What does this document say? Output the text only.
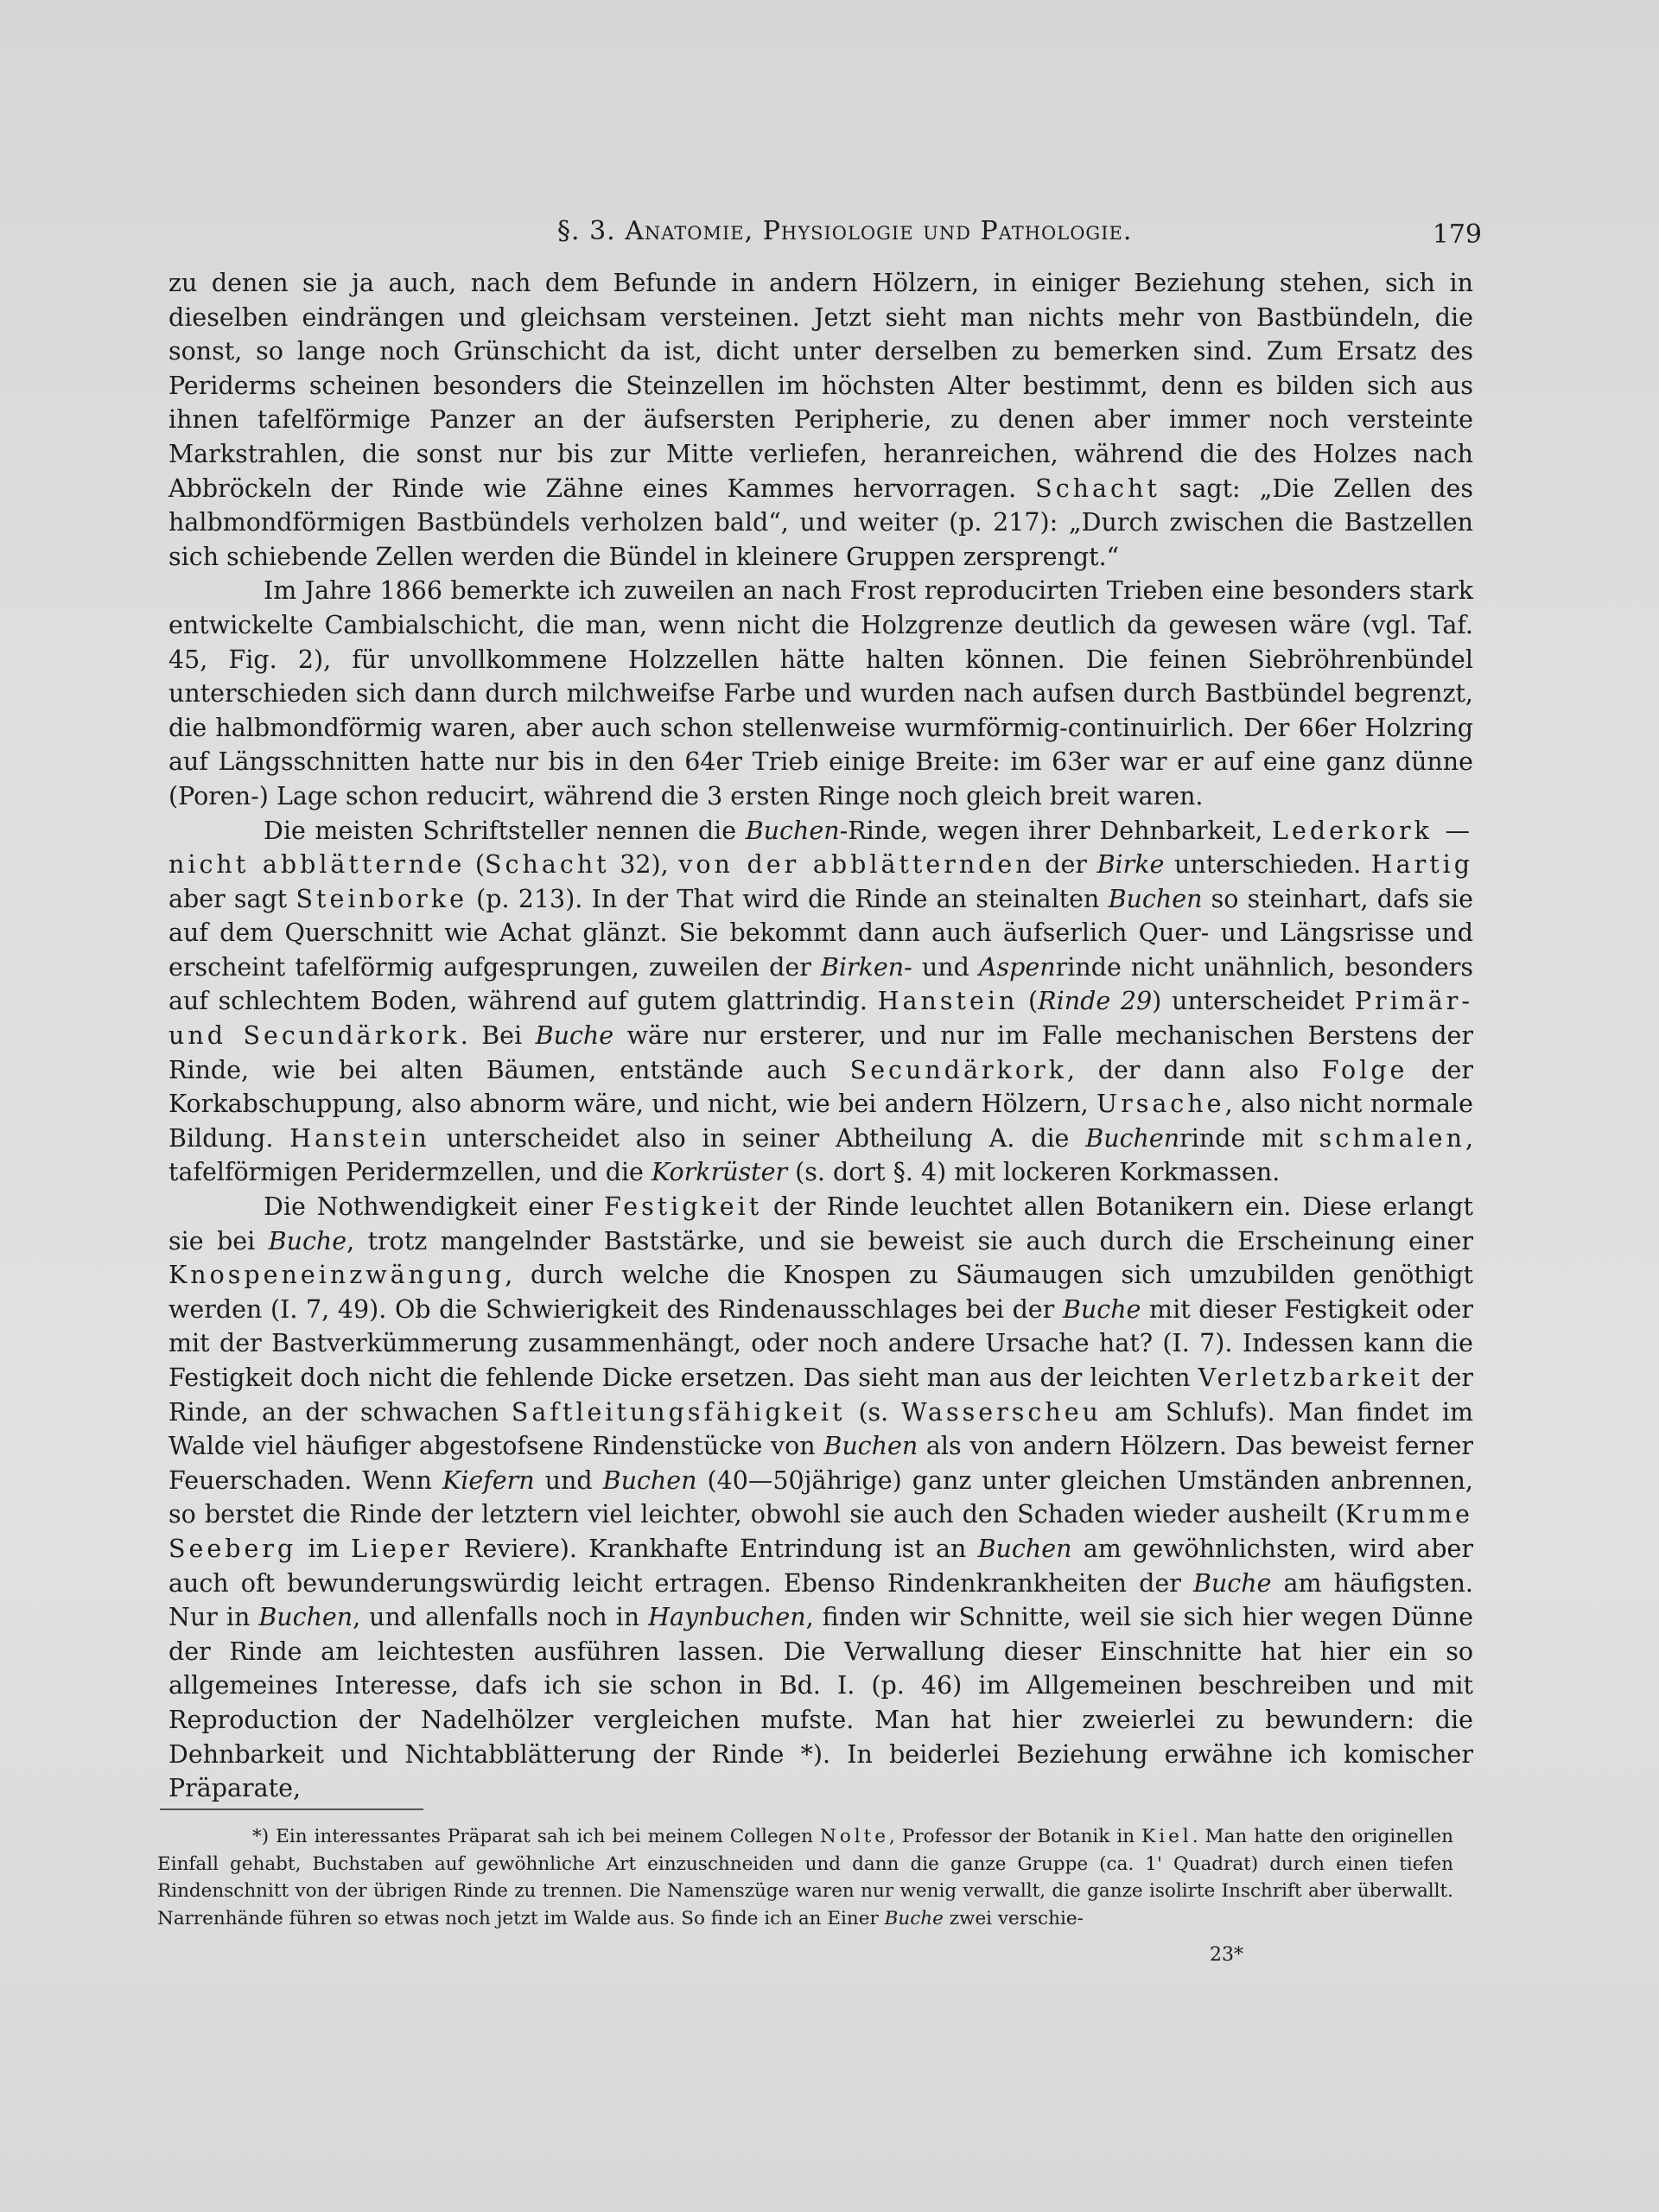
§. 3. Anatomie, Physiologie und Pathologie.	179

zu denen sie ja auch, nach dem Befunde in andern Hölzern, in einiger Beziehung stehen, sich in dieselben eindrängen und gleichsam versteinen. Jetzt sieht man nichts mehr von Bastbündeln, die sonst, so lange noch Grünschicht da ist, dicht unter derselben zu bemerken sind. Zum Ersatz des Periderms scheinen besonders die Steinzellen im höchsten Alter bestimmt, denn es bilden sich aus ihnen tafelförmige Panzer an der äufsersten Peripherie, zu denen aber immer noch versteinte Markstrahlen, die sonst nur bis zur Mitte verliefen, heranreichen, während die des Holzes nach Abbröckeln der Rinde wie Zähne eines Kammes hervorragen. Schacht sagt: „Die Zellen des halbmondförmigen Bastbündels verholzen bald“, und weiter (p. 217): „Durch zwischen die Bastzellen sich schiebende Zellen werden die Bündel in kleinere Gruppen zersprengt.“

Im Jahre 1866 bemerkte ich zuweilen an nach Frost reproducirten Trieben eine besonders stark entwickelte Cambialschicht, die man, wenn nicht die Holzgrenze deutlich da gewesen wäre (vgl. Taf. 45, Fig. 2), für unvollkommene Holzzellen hätte halten können. Die feinen Siebröhrenbündel unterschieden sich dann durch milchweifse Farbe und wurden nach aufsen durch Bastbündel begrenzt, die halbmondförmig waren, aber auch schon stellenweise wurmförmig-continuirlich. Der 66er Holzring auf Längsschnitten hatte nur bis in den 64er Trieb einige Breite: im 63er war er auf eine ganz dünne (Poren-) Lage schon reducirt, während die 3 ersten Ringe noch gleich breit waren.

Die meisten Schriftsteller nennen die Buchen-Rinde, wegen ihrer Dehnbarkeit, Lederkork — nicht abblätternde (Schacht 32), von der abblätternden der Birke unterschieden. Hartig aber sagt Steinborke (p. 213). In der That wird die Rinde an steinalten Buchen so steinhart, dafs sie auf dem Querschnitt wie Achat glänzt. Sie bekommt dann auch äufserlich Quer- und Längsrisse und erscheint tafelförmig aufgesprungen, zuweilen der Birken- und Aspenrinde nicht unähnlich, besonders auf schlechtem Boden, während auf gutem glattrindig. Hanstein (Rinde 29) unterscheidet Primär- und Secundärkork. Bei Buche wäre nur ersterer, und nur im Falle mechanischen Berstens der Rinde, wie bei alten Bäumen, entstände auch Secundärkork, der dann also Folge der Korkabschuppung, also abnorm wäre, und nicht, wie bei andern Hölzern, Ursache, also nicht normale Bildung. Hanstein unterscheidet also in seiner Abtheilung A. die Buchenrinde mit schmalen, tafelförmigen Peridermzellen, und die Korkrüster (s. dort §. 4) mit lockeren Korkmassen.

Die Nothwendigkeit einer Festigkeit der Rinde leuchtet allen Botanikern ein. Diese erlangt sie bei Buche, trotz mangelnder Baststärke, und sie beweist sie auch durch die Erscheinung einer Knospeneinzwängung, durch welche die Knospen zu Säumaugen sich umzubilden genöthigt werden (I. 7, 49). Ob die Schwierigkeit des Rindenausschlages bei der Buche mit dieser Festigkeit oder mit der Bastverkümmerung zusammenhängt, oder noch andere Ursache hat? (I. 7). Indessen kann die Festigkeit doch nicht die fehlende Dicke ersetzen. Das sieht man aus der leichten Verletzbarkeit der Rinde, an der schwachen Saftleitungsfähigkeit (s. Wasserscheu am Schlufs). Man findet im Walde viel häufiger abgestofsene Rindenstücke von Buchen als von andern Hölzern. Das beweist ferner Feuerschaden. Wenn Kiefern und Buchen (40—50jährige) ganz unter gleichen Umständen anbrennen, so berstet die Rinde der letztern viel leichter, obwohl sie auch den Schaden wieder ausheilt (Krumme Seeberg im Lieper Reviere). Krankhafte Entrindung ist an Buchen am gewöhnlichsten, wird aber auch oft bewunderungswürdig leicht ertragen. Ebenso Rindenkrankheiten der Buche am häufigsten. Nur in Buchen, und allenfalls noch in Haynbuchen, finden wir Schnitte, weil sie sich hier wegen Dünne der Rinde am leichtesten ausführen lassen. Die Verwallung dieser Einschnitte hat hier ein so allgemeines Interesse, dafs ich sie schon in Bd. I. (p. 46) im Allgemeinen beschreiben und mit Reproduction der Nadelhölzer vergleichen mufste. Man hat hier zweierlei zu bewundern: die Dehnbarkeit und Nichtabblätterung der Rinde *). In beiderlei Beziehung erwähne ich komischer Präparate,

*) Ein interessantes Präparat sah ich bei meinem Collegen Nolte, Professor der Botanik in Kiel. Man hatte den originellen Einfall gehabt, Buchstaben auf gewöhnliche Art einzuschneiden und dann die ganze Gruppe (ca. 1' Quadrat) durch einen tiefen Rindenschnitt von der übrigen Rinde zu trennen. Die Namenszüge waren nur wenig verwallt, die ganze isolirte Inschrift aber überwallt. Narrenhände führen so etwas noch jetzt im Walde aus. So finde ich an Einer Buche zwei verschie-

23*
